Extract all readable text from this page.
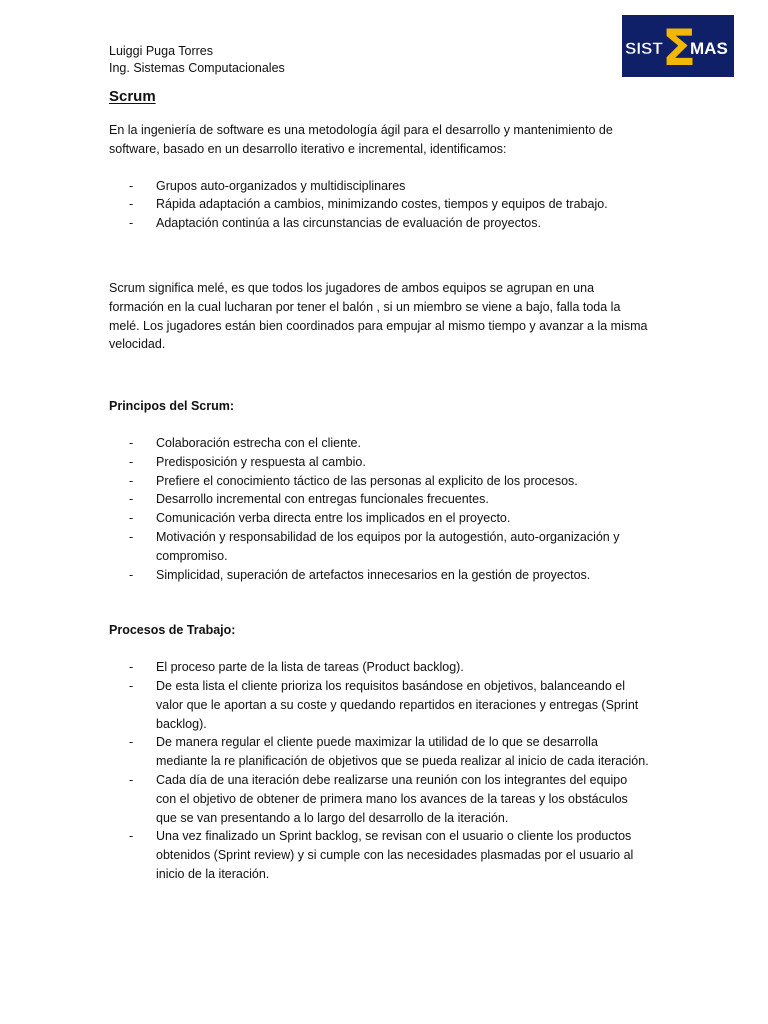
Luiggi Puga Torres
Ing. Sistemas Computacionales
SIST Σ
MAS
Scrum

En la ingeniería de software es una metodología ágil para el desarrollo y mantenimiento de software, basado en un desarrollo iterativo e incremental, identificamos:

- Grupos auto-organizados y multidisciplinares
- Rápida adaptación a cambios, minimizando costes, tiempos y equipos de trabajo.
- Adaptación continúa a las circunstancias de evaluación de proyectos.

Scrum significa melé, es que todos los jugadores de ambos equipos se agrupan en una formación en la cual lucharan por tener el balón , si un miembro se viene a bajo, falla toda la melé. Los jugadores están bien coordinados para empujar al mismo tiempo y avanzar a la misma velocidad.

Principos del Scrum:

- Colaboración estrecha con el cliente.
- Predisposición y respuesta al cambio.
- Prefiere el conocimiento táctico de las personas al explicito de los procesos.
- Desarrollo incremental con entregas funcionales frecuentes.
- Comunicación verba directa entre los implicados en el proyecto.
- Motivación y responsabilidad de los equipos por la autogestión, auto-organización y compromiso.
- Simplicidad, superación de artefactos innecesarios en la gestión de proyectos.

Procesos de Trabajo:

- El proceso parte de la lista de tareas (Product backlog).
- De esta lista el cliente prioriza los requisitos basándose en objetivos, balanceando el valor que le aportan a su coste y quedando repartidos en iteraciones y entregas (Sprint backlog).
- De manera regular el cliente puede maximizar la utilidad de lo que se desarrolla mediante la re planificación de objetivos que se pueda realizar al inicio de cada iteración.
- Cada día de una iteración debe realizarse una reunión con los integrantes del equipo con el objetivo de obtener de primera mano los avances de la tareas y los obstáculos que se van presentando a lo largo del desarrollo de la iteración.
- Una vez finalizado un Sprint backlog, se revisan con el usuario o cliente los productos obtenidos (Sprint review) y si cumple con las necesidades plasmadas por el usuario al inicio de la iteración.
